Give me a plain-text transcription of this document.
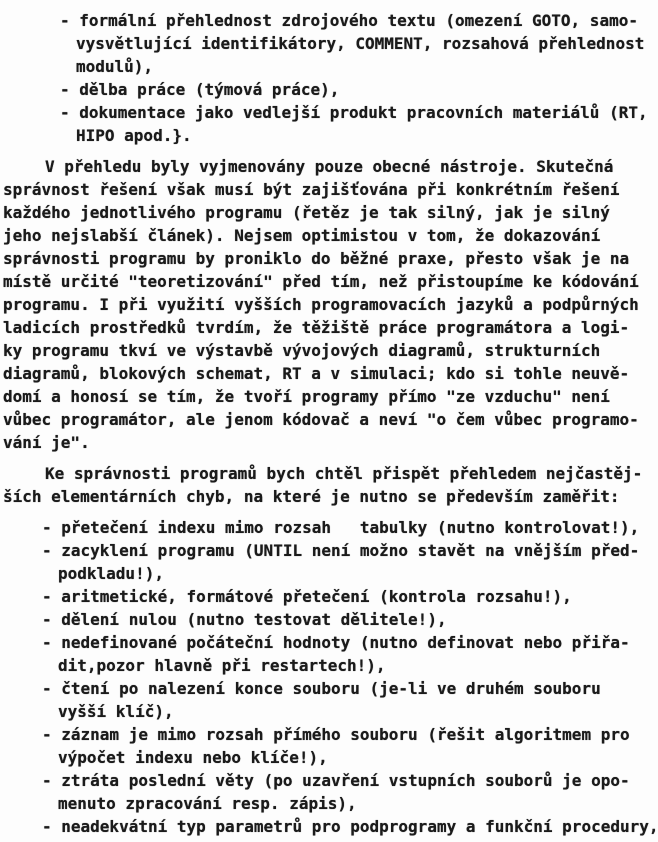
- formální přehlednost zdrojového textu (omezení GOTO, samo-
vysvětlující identifikátory, COMMENT, rozsahová přehlednost
modulů),
- dělba práce (týmová práce),
- dokumentace jako vedlejší produkt pracovních materiálů (RT,
HIPO apod.}.
V přehledu byly vyjmenovány pouze obecné nástroje. Skutečná
správnost řešení však musí být zajišťována při konkrétním řešení
každého jednotlivého programu (řetěz je tak silný, jak je silný
jeho nejslabší článek). Nejsem optimistou v tom, že dokazování
správnosti programu by proniklo do běžné praxe, přesto však je na
místě určité "teoretizování" před tím, než přistoupíme ke kódování
programu. I při využití vyšších programovacích jazyků a podpůrných
ladicích prostředků tvrdím, že těžiště práce programátora a logi-
ky programu tkví ve výstavbě vývojových diagramů, strukturních
diagramů, blokových schemat, RT a v simulaci; kdo si tohle neuvě-
domí a honosí se tím, že tvoří programy přímo "ze vzduchu" není
vůbec programátor, ale jenom kódovač a neví "o čem vůbec programo-
vání je".
Ke správnosti programů bych chtěl přispět přehledem nejčastěj-
ších elementárních chyb, na které je nutno se především zaměřit:
- přetečení indexu mimo rozsah   tabulky (nutno kontrolovat!),
- zacyklení programu (UNTIL není možno stavět na vnějším před-
podkladu!),
- aritmetické, formátové přetečení (kontrola rozsahu!),
- dělení nulou (nutno testovat dělitele!),
- nedefinované počáteční hodnoty (nutno definovat nebo přiřa-
dit,pozor hlavně při restartech!),
- čtení po nalezení konce souboru (je-li ve druhém souboru
vyšší klíč),
- záznam je mimo rozsah přímého souboru (řešit algoritmem pro
výpočet indexu nebo klíče!),
- ztráta poslední věty (po uzavření vstupních souborů je opo-
menuto zpracování resp. zápis),
- neadekvátní typ parametrů pro podprogramy a funkční procedury,
